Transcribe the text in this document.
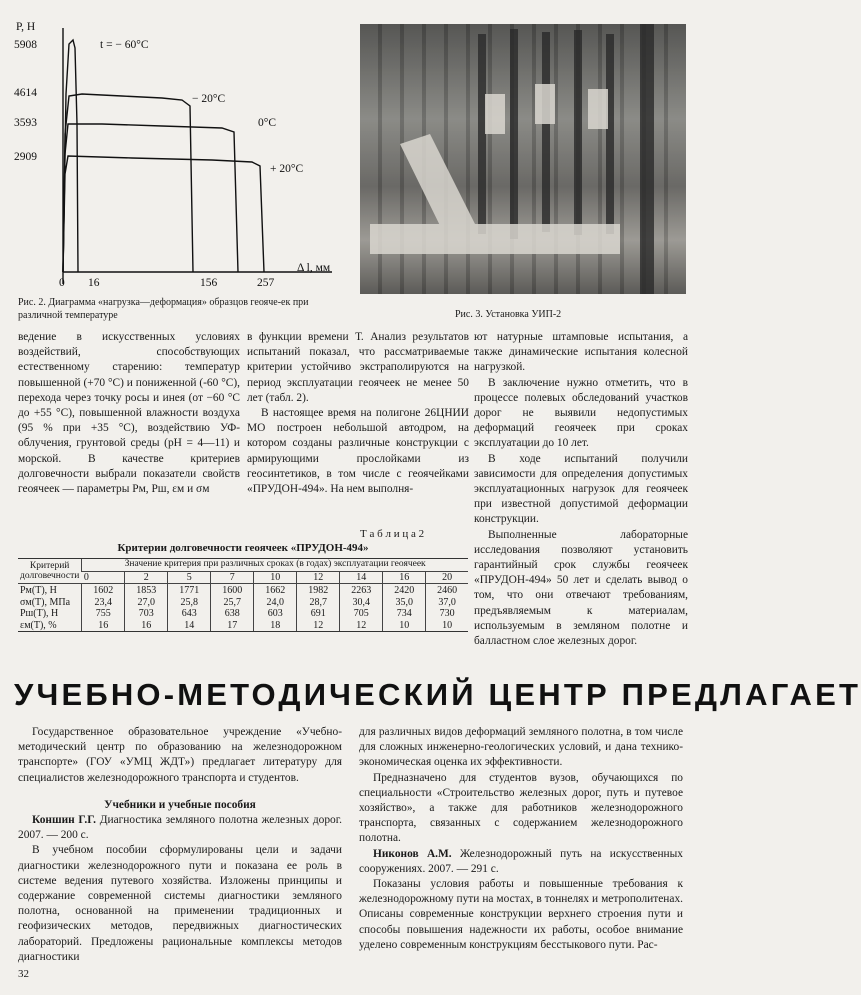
P, H
5908
4614
3593
2909
0 16	156	257
Δ l, мм
t = − 60°C
− 20°C
0°C
+ 20°C
Рис. 2. Диаграмма «нагрузка—деформация» образцов геояче-ек при различной температуре	Рис. 3. Установка УИП-2

ведение в искусственных условиях воздействий, способствующих естественному старению: температур повышенной (+70 °С) и пониженной (-60 °С), перехода через точку росы и инея (от −60 °С до +55 °С), повышенной влажности воздуха (95 % при +35 °С), воздействию УФ-облучения, грунтовой среды (pH = 4—11) и морской. В качестве критериев долговечности выбрали показатели свойств геоячеек — параметры Pм, Pш, εм и σм

в функции времени Т. Анализ результатов испытаний показал, что рассматриваемые критерии устойчиво экстраполируются на период эксплуатации геоячеек не менее 50 лет (табл. 2).

В настоящее время на полигоне 26ЦНИИ МО построен небольшой автодром, на котором созданы различные конструкции с армирующими прослойками из геосинтетиков, в том числе с геоячейками «ПРУДОН-494». На нем выполня-

ют натурные штамповые испытания, а также динамические испытания колесной нагрузкой.

В заключение нужно отметить, что в процессе полевых обследований участков дорог не выявили недопустимых деформаций геоячеек при сроках эксплуатации до 10 лет.

В ходе испытаний получили зависимости для определения допустимых эксплуатационных нагрузок для геоячеек при известной допустимой деформации конструкции.

Выполненные лабораторные исследования позволяют установить гарантийный срок службы геоячеек «ПРУДОН-494» 50 лет и сделать вывод о том, что они отвечают требованиям, предъявляемым к материалам, используемым в земляном полотне и балластном слое железных дорог.

Т а б л и ц а 2
Критерии долговечности геоячеек «ПРУДОН-494»
Критерий долговечности	Значение критерия при различных сроках (в годах) эксплуатации геоячеек								
	0	2	5	7	10	12	14	16	20
Pм(T), Н	1602	1853	1771	1600	1662	1982	2263	2420	2460
σм(T), МПа	23,4	27,0	25,8	25,7	24,0	28,7	30,4	35,0	37,0
Pш(T), Н	755	703	643	638	603	691	705	734	730
εм(T), %	16	16	14	17	18	12	12	10	10
УЧЕБНО-МЕТОДИЧЕСКИЙ ЦЕНТР ПРЕДЛАГАЕТ

Государственное образовательное учреждение «Учебно-методический центр по образованию на железнодорожном транспорте» (ГОУ «УМЦ ЖДТ») предлагает литературу для специалистов железнодорожного транспорта и студентов.

Учебники и учебные пособия

Коншин Г.Г. Диагностика земляного полотна железных дорог. 2007. — 200 с.

В учебном пособии сформулированы цели и задачи диагностики железнодорожного пути и показана ее роль в системе ведения путевого хозяйства. Изложены принципы и содержание современной системы диагностики земляного полотна, основанной на применении традиционных и геофизических методов, передвижных диагностических лабораторий. Предложены рациональные комплексы методов диагностики

для различных видов деформаций земляного полотна, в том числе для сложных инженерно-геологических условий, и дана технико-экономическая оценка их эффективности.

Предназначено для студентов вузов, обучающихся по специальности «Строительство железных дорог, путь и путевое хозяйство», а также для работников железнодорожного транспорта, связанных с содержанием железнодорожного полотна.

Никонов А.М. Железнодорожный путь на искусственных сооружениях. 2007. — 291 с.

Показаны условия работы и повышенные требования к железнодорожному пути на мостах, в тоннелях и метрополитенах. Описаны современные конструкции верхнего строения пути и способы повышения надежности их работы, особое внимание уделено современным конструкциям бесстыкового пути. Рас-

32
